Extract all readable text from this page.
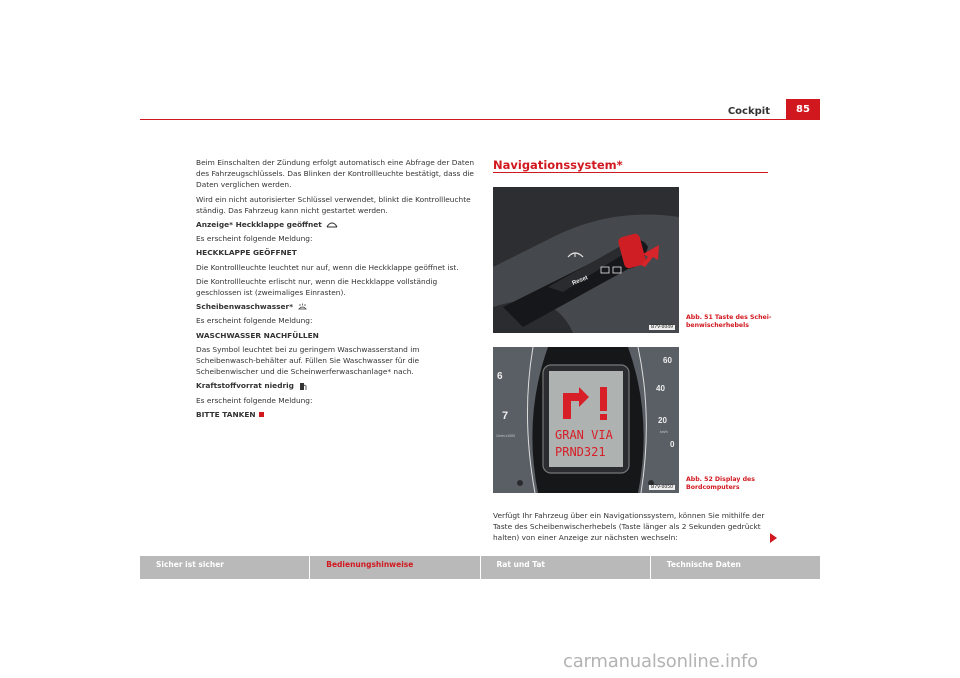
Cockpit	85

Beim Einschalten der Zündung erfolgt automatisch eine Abfrage der Daten des Fahrzeugschlüssels. Das Blinken der Kontrollleuchte bestätigt, dass die Daten verglichen werden.

Wird ein nicht autorisierter Schlüssel verwendet, blinkt die Kontrollleuchte ständig. Das Fahrzeug kann nicht gestartet werden.

Anzeige* Heckklappe geöffnet

Es erscheint folgende Meldung:

HECKKLAPPE GEÖFFNET

Die Kontrollleuchte leuchtet nur auf, wenn die Heckklappe geöffnet ist.

Die Kontrollleuchte erlischt nur, wenn die Heckklappe vollständig geschlossen ist (zweimaliges Einrasten).

Scheibenwaschwasser*

Es erscheint folgende Meldung:

WASCHWASSER NACHFÜLLEN

Das Symbol leuchtet bei zu geringem Waschwasserstand im Scheibenwasch-behälter auf. Füllen Sie Waschwasser für die Scheibenwischer und die Scheinwerferwaschanlage* nach.

Kraftstoffvorrat niedrig

Es erscheint folgende Meldung:

BITTE TANKEN

Navigationssystem*
Reset
B7V-0049
Abb. 51 Taste des Schei-benwischerhebels
6
7
1/min x1000
60
40
20
0
km/h
GRAN VIA
PRND321
B7V-0050
Abb. 52 Display des Bordcomputers
Verfügt Ihr Fahrzeug über ein Navigationssystem, können Sie mithilfe der Taste des Scheibenwischerhebels (Taste länger als 2 Sekunden gedrückt halten) von einer Anzeige zur nächsten wechseln:
Sicher ist sicher	Bedienungshinweise	Rat und Tat	Technische Daten
carmanualsonline.info
